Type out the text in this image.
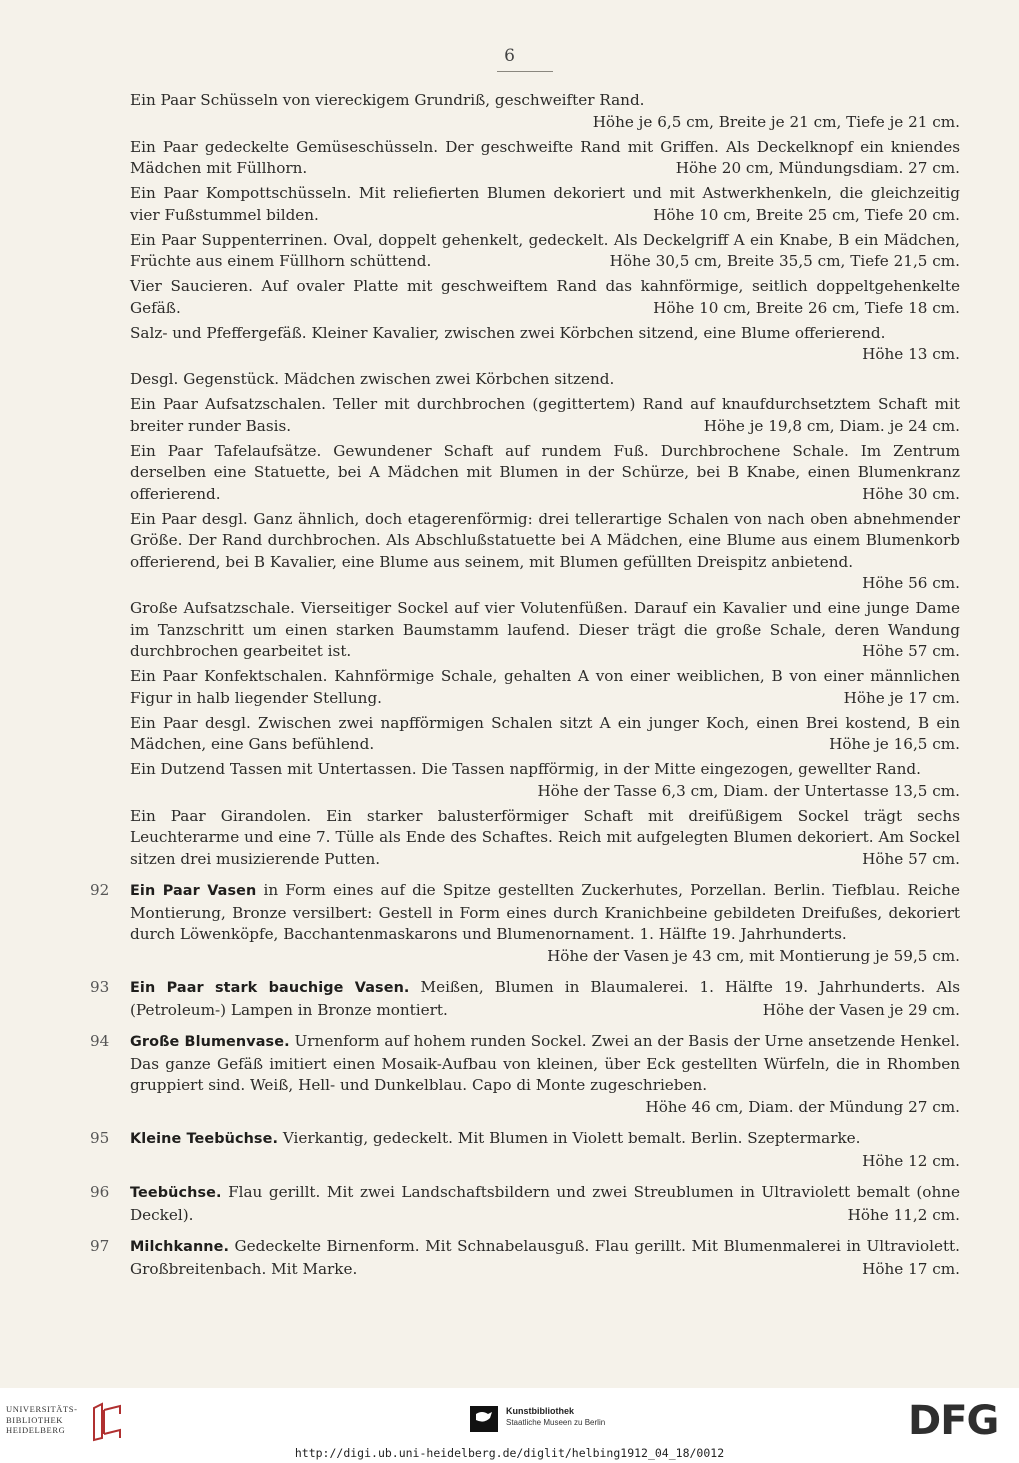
6
Ein Paar Schüsseln von viereckigem Grundriß, geschweifter Rand.
Höhe je 6,5 cm, Breite je 21 cm, Tiefe je 21 cm.
Ein Paar gedeckelte Gemüseschüsseln. Der geschweifte Rand mit Griffen. Als Deckelknopf ein kniendes Mädchen mit Füllhorn.	Höhe 20 cm, Mündungsdiam. 27 cm.
Ein Paar Kompottschüsseln. Mit reliefierten Blumen dekoriert und mit Astwerkhenkeln, die gleichzeitig vier Fußstummel bilden.	Höhe 10 cm, Breite 25 cm, Tiefe 20 cm.
Ein Paar Suppenterrinen. Oval, doppelt gehenkelt, gedeckelt. Als Deckelgriff A ein Knabe, B ein Mädchen, Früchte aus einem Füllhorn schüttend.	Höhe 30,5 cm, Breite 35,5 cm, Tiefe 21,5 cm.
Vier Saucieren. Auf ovaler Platte mit geschweiftem Rand das kahnförmige, seitlich doppeltgehenkelte Gefäß.	Höhe 10 cm, Breite 26 cm, Tiefe 18 cm.
Salz- und Pfeffergefäß. Kleiner Kavalier, zwischen zwei Körbchen sitzend, eine Blume offerierend.
Höhe 13 cm.
Desgl. Gegenstück. Mädchen zwischen zwei Körbchen sitzend.
Ein Paar Aufsatzschalen. Teller mit durchbrochen (gegittertem) Rand auf knaufdurchsetztem Schaft mit breiter runder Basis.	Höhe je 19,8 cm, Diam. je 24 cm.
Ein Paar Tafelaufsätze. Gewundener Schaft auf rundem Fuß. Durchbrochene Schale. Im Zentrum derselben eine Statuette, bei A Mädchen mit Blumen in der Schürze, bei B Knabe, einen Blumenkranz offerierend.	Höhe 30 cm.
Ein Paar desgl. Ganz ähnlich, doch etagerenförmig: drei tellerartige Schalen von nach oben abnehmender Größe. Der Rand durchbrochen. Als Abschlußstatuette bei A Mädchen, eine Blume aus einem Blumenkorb offerierend, bei B Kavalier, eine Blume aus seinem, mit Blumen gefüllten Dreispitz anbietend.
Höhe 56 cm.
Große Aufsatzschale. Vierseitiger Sockel auf vier Volutenfüßen. Darauf ein Kavalier und eine junge Dame im Tanzschritt um einen starken Baumstamm laufend. Dieser trägt die große Schale, deren Wandung durchbrochen gearbeitet ist.	Höhe 57 cm.
Ein Paar Konfektschalen. Kahnförmige Schale, gehalten A von einer weiblichen, B von einer männlichen Figur in halb liegender Stellung.	Höhe je 17 cm.
Ein Paar desgl. Zwischen zwei napfförmigen Schalen sitzt A ein junger Koch, einen Brei kostend, B ein Mädchen, eine Gans befühlend.	Höhe je 16,5 cm.
Ein Dutzend Tassen mit Untertassen. Die Tassen napfförmig, in der Mitte eingezogen, gewellter Rand.
Höhe der Tasse 6,3 cm, Diam. der Untertasse 13,5 cm.
Ein Paar Girandolen. Ein starker balusterförmiger Schaft mit dreifüßigem Sockel trägt sechs Leuchterarme und eine 7. Tülle als Ende des Schaftes. Reich mit aufgelegten Blumen dekoriert. Am Sockel sitzen drei musizierende Putten.	Höhe 57 cm.
92	Ein Paar Vasen in Form eines auf die Spitze gestellten Zuckerhutes, Porzellan. Berlin. Tiefblau. Reiche Montierung, Bronze versilbert: Gestell in Form eines durch Kranichbeine gebildeten Dreifußes, dekoriert durch Löwenköpfe, Bacchantenmaskarons und Blumenornament. 1. Hälfte 19. Jahrhunderts.
Höhe der Vasen je 43 cm, mit Montierung je 59,5 cm.
93	Ein Paar stark bauchige Vasen. Meißen, Blumen in Blaumalerei. 1. Hälfte 19. Jahrhunderts. Als (Petroleum-) Lampen in Bronze montiert.	Höhe der Vasen je 29 cm.
94	Große Blumenvase. Urnenform auf hohem runden Sockel. Zwei an der Basis der Urne ansetzende Henkel. Das ganze Gefäß imitiert einen Mosaik-Aufbau von kleinen, über Eck gestellten Würfeln, die in Rhomben gruppiert sind. Weiß, Hell- und Dunkelblau. Capo di Monte zugeschrieben.
Höhe 46 cm, Diam. der Mündung 27 cm.
95	Kleine Teebüchse. Vierkantig, gedeckelt. Mit Blumen in Violett bemalt. Berlin. Szeptermarke.
Höhe 12 cm.
96	Teebüchse. Flau gerillt. Mit zwei Landschaftsbildern und zwei Streublumen in Ultraviolett bemalt (ohne Deckel).	Höhe 11,2 cm.
97	Milchkanne. Gedeckelte Birnenform. Mit Schnabelausguß. Flau gerillt. Mit Blumenmalerei in Ultraviolett. Großbreitenbach. Mit Marke.	Höhe 17 cm.
UNIVERSITÄTS-
BIBLIOTHEK
HEIDELBERG
Kunstbibliothek
Staatliche Museen zu Berlin	DFG
http://digi.ub.uni-heidelberg.de/diglit/helbing1912_04_18/0012
